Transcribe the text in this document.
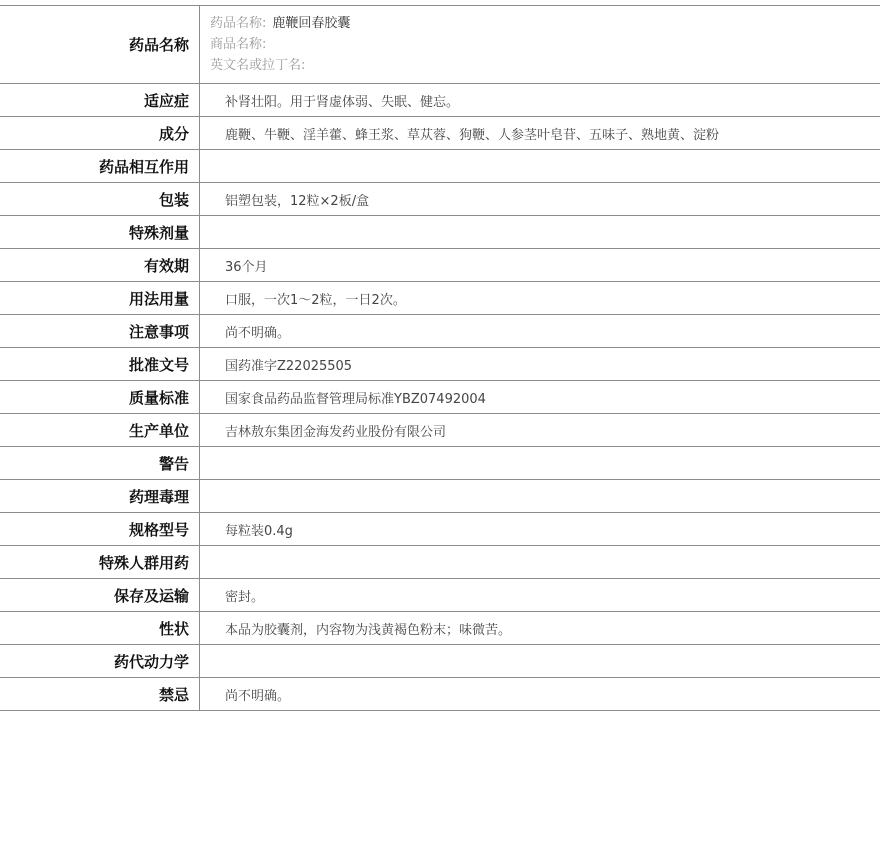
药品名称
药品名称: 鹿鞭回春胶囊
商品名称:
英文名或拉丁名:
适应症	补肾壮阳。用于肾虚体弱、失眠、健忘。
成分	鹿鞭、牛鞭、淫羊藿、蜂王浆、草苁蓉、狗鞭、人参茎叶皂苷、五味子、熟地黄、淀粉
药品相互作用
包装	铝塑包装，12粒×2板/盒
特殊剂量
有效期	36个月
用法用量	口服，一次1～2粒，一日2次。
注意事项	尚不明确。
批准文号	国药准字Z22025505
质量标准	国家食品药品监督管理局标准YBZ07492004
生产单位	吉林敖东集团金海发药业股份有限公司
警告
药理毒理
规格型号	每粒装0.4g
特殊人群用药
保存及运输	密封。
性状	本品为胶囊剂，内容物为浅黄褐色粉末；味微苦。
药代动力学
禁忌	尚不明确。
